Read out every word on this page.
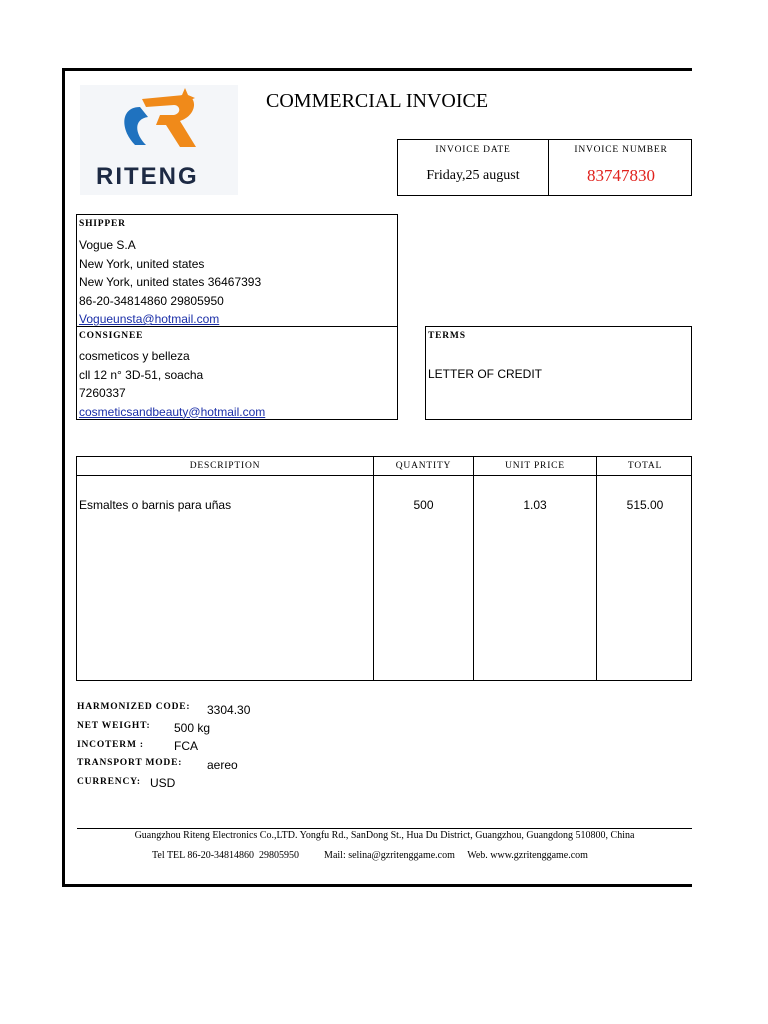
RITENG
COMMERCIAL INVOICE
INVOICE DATE	INVOICE NUMBER
Friday,25 august	83747830
SHIPPER
Vogue S.A
New York, united states
New York, united states 36467393
86-20-34814860 29805950
Vogueunsta@hotmail.com
CONSIGNEE
cosmeticos y belleza
cll 12 n° 3D-51, soacha
7260337
cosmeticsandbeauty@hotmail.com
TERMS
LETTER OF CREDIT
DESCRIPTION	QUANTITY	UNIT PRICE	TOTAL
Esmaltes o barnis para uñas	500	1.03	515.00
HARMONIZED CODE: 3304.30
NET WEIGHT: 500 kg
INCOTERM :	FCA
TRANSPORT MODE: aereo
CURRENCY: USD
Guangzhou Riteng Electronics Co.,LTD. Yongfu Rd., SanDong St., Hua Du District, Guangzhou, Guangdong 510800, China
Tel TEL 86-20-34814860  29805950          Mail: selina@gzritenggame.com     Web. www.gzritenggame.com
